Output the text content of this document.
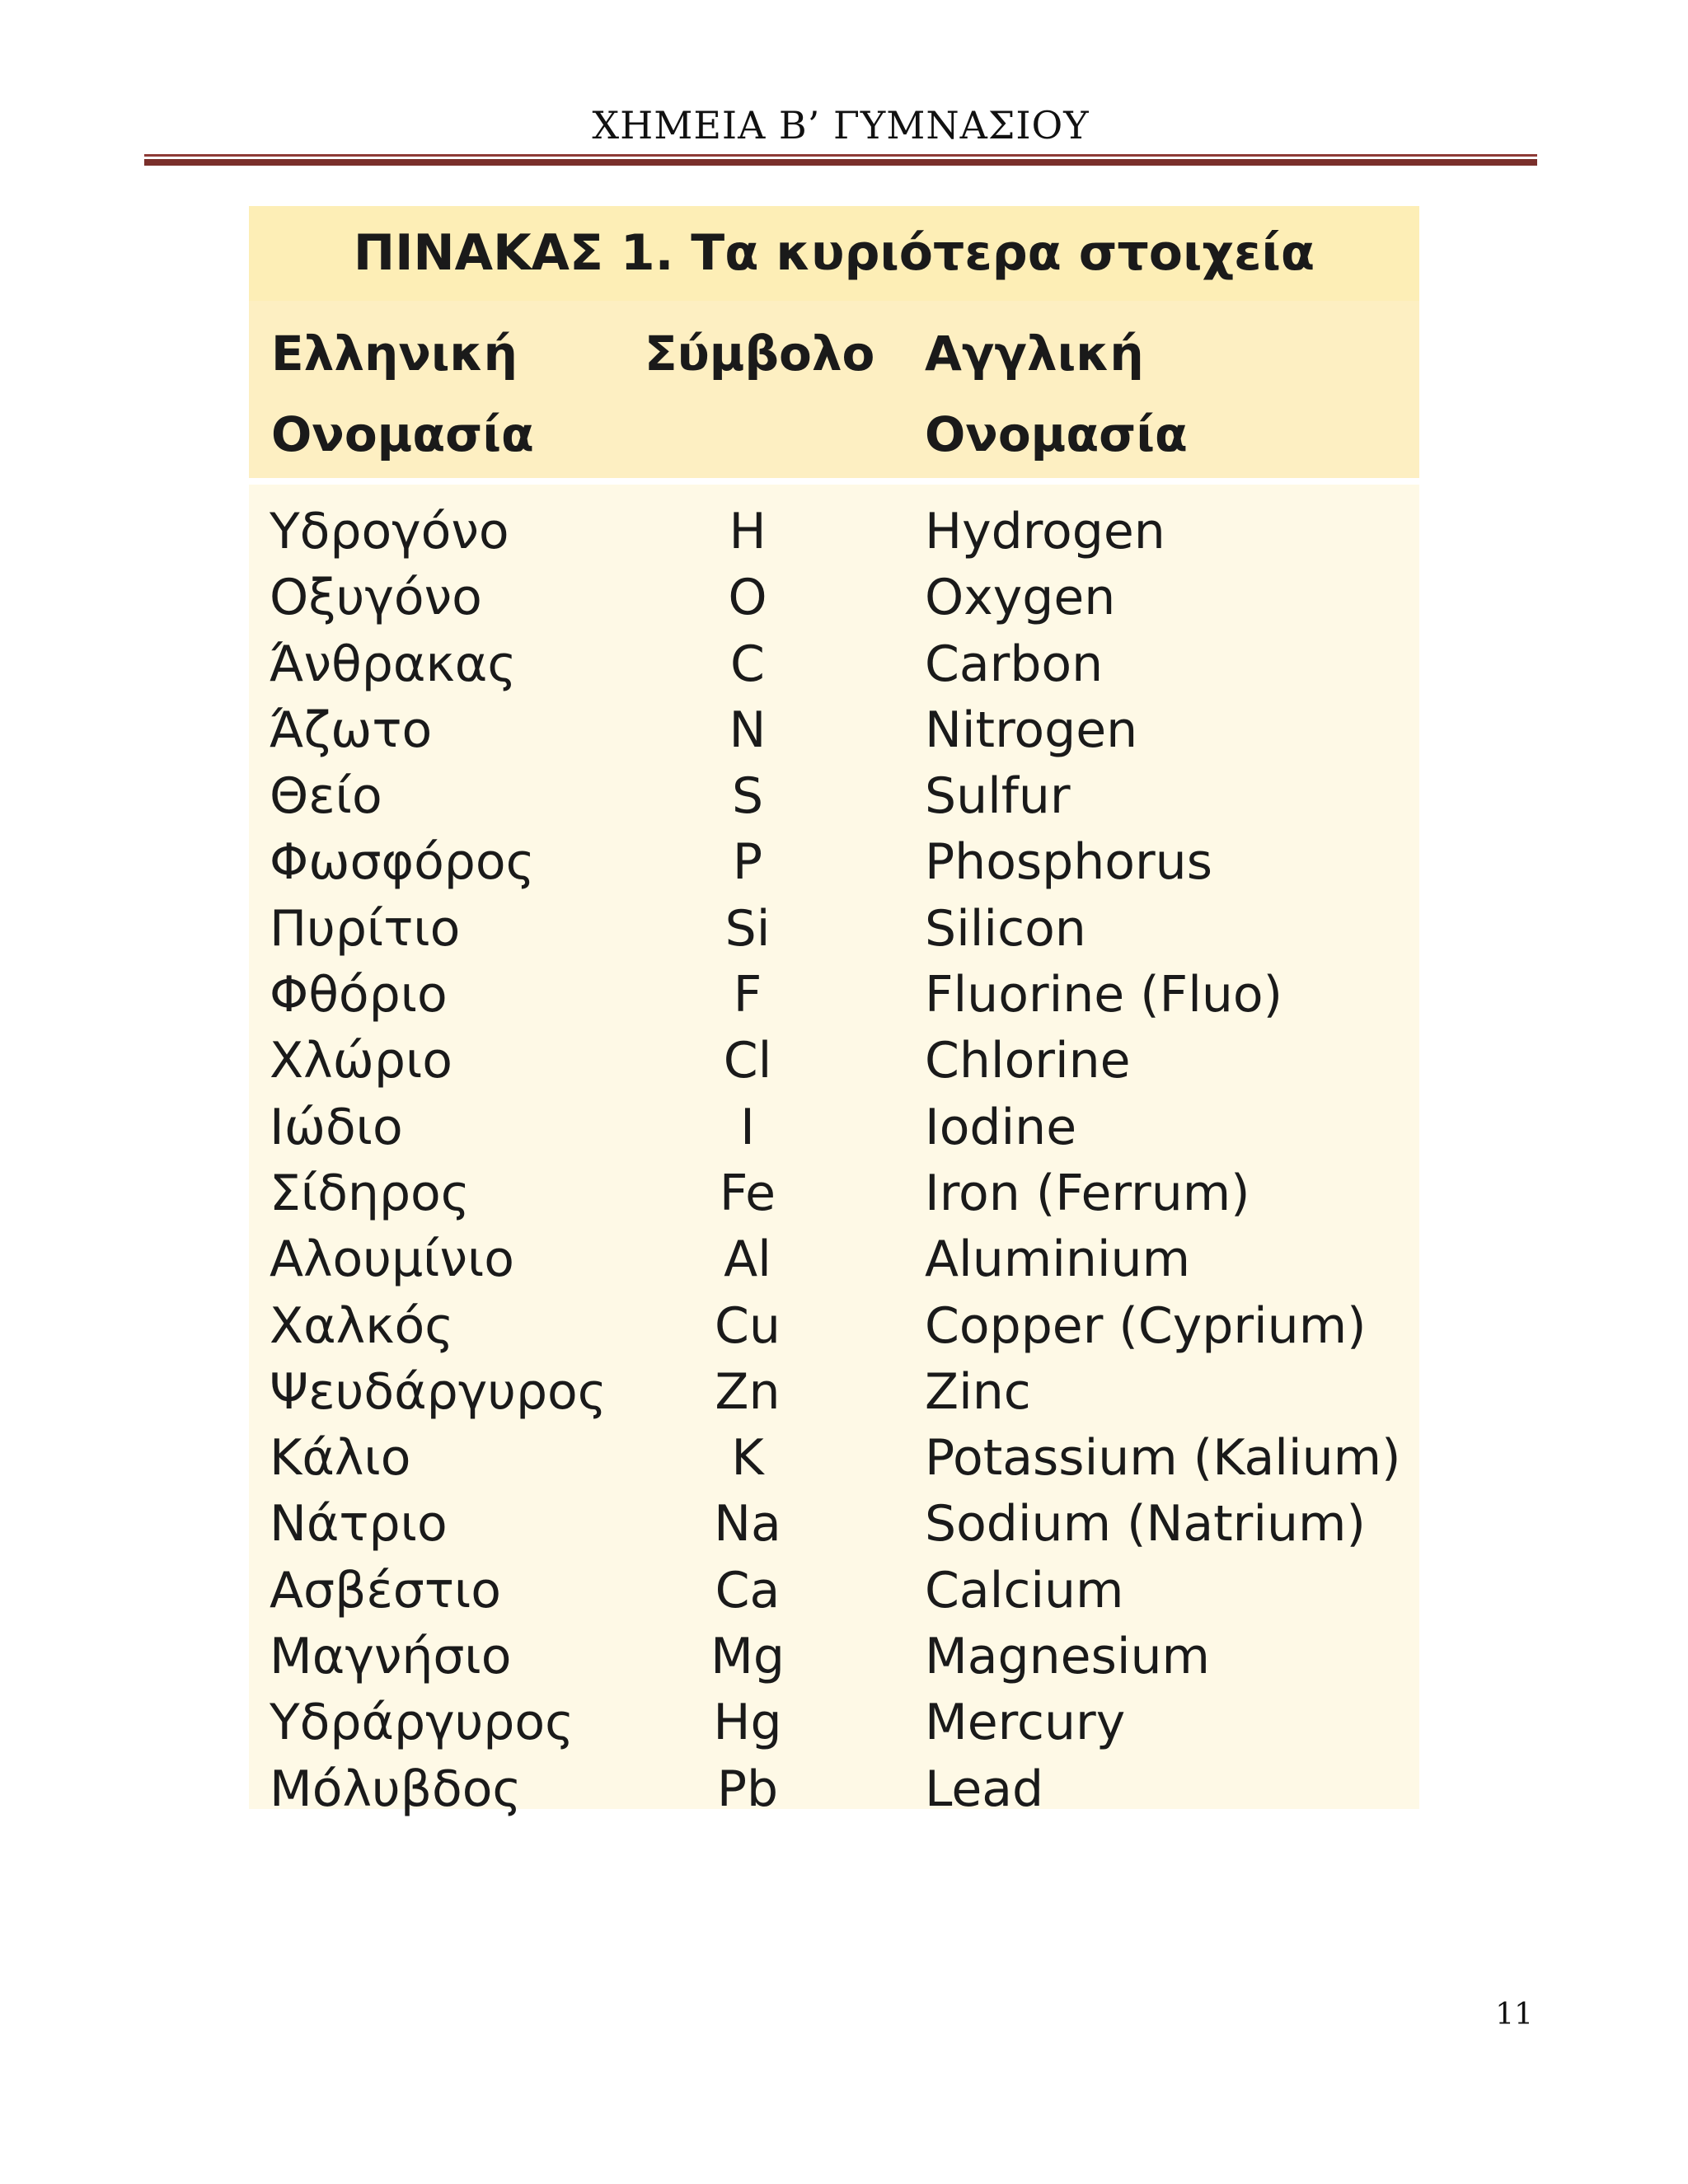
ΧΗΜΕΙΑ Β’ ΓΥΜΝΑΣΙΟΥ
ΠΙΝΑΚΑΣ 1. Τα κυριότερα στοιχεία
Ελληνική
Ονομασία
Σύμβολο	Αγγλική
Ονομασία
Υδρογόνο	H	Hydrogen
Οξυγόνο	O	Oxygen
Άνθρακας	C	Carbon
Άζωτο	N	Nitrogen
Θείο	S	Sulfur
Φωσφόρος	P	Phosphorus
Πυρίτιο	Si	Silicon
Φθόριο	F	Fluorine (Fluo)
Χλώριο	Cl	Chlorine
Ιώδιο	I	Iodine
Σίδηρος	Fe	Iron (Ferrum)
Αλουμίνιο	Al	Aluminium
Χαλκός	Cu	Copper (Cyprium)
Ψευδάργυρος Zn	Zinc
Κάλιο	K	Potassium (Kalium)
Νάτριο	Na	Sodium (Natrium)
Ασβέστιο	Ca	Calcium
Μαγνήσιο	Mg	Magnesium
Υδράργυρος	Hg	Mercury
Μόλυβδος	Pb	Lead
11
